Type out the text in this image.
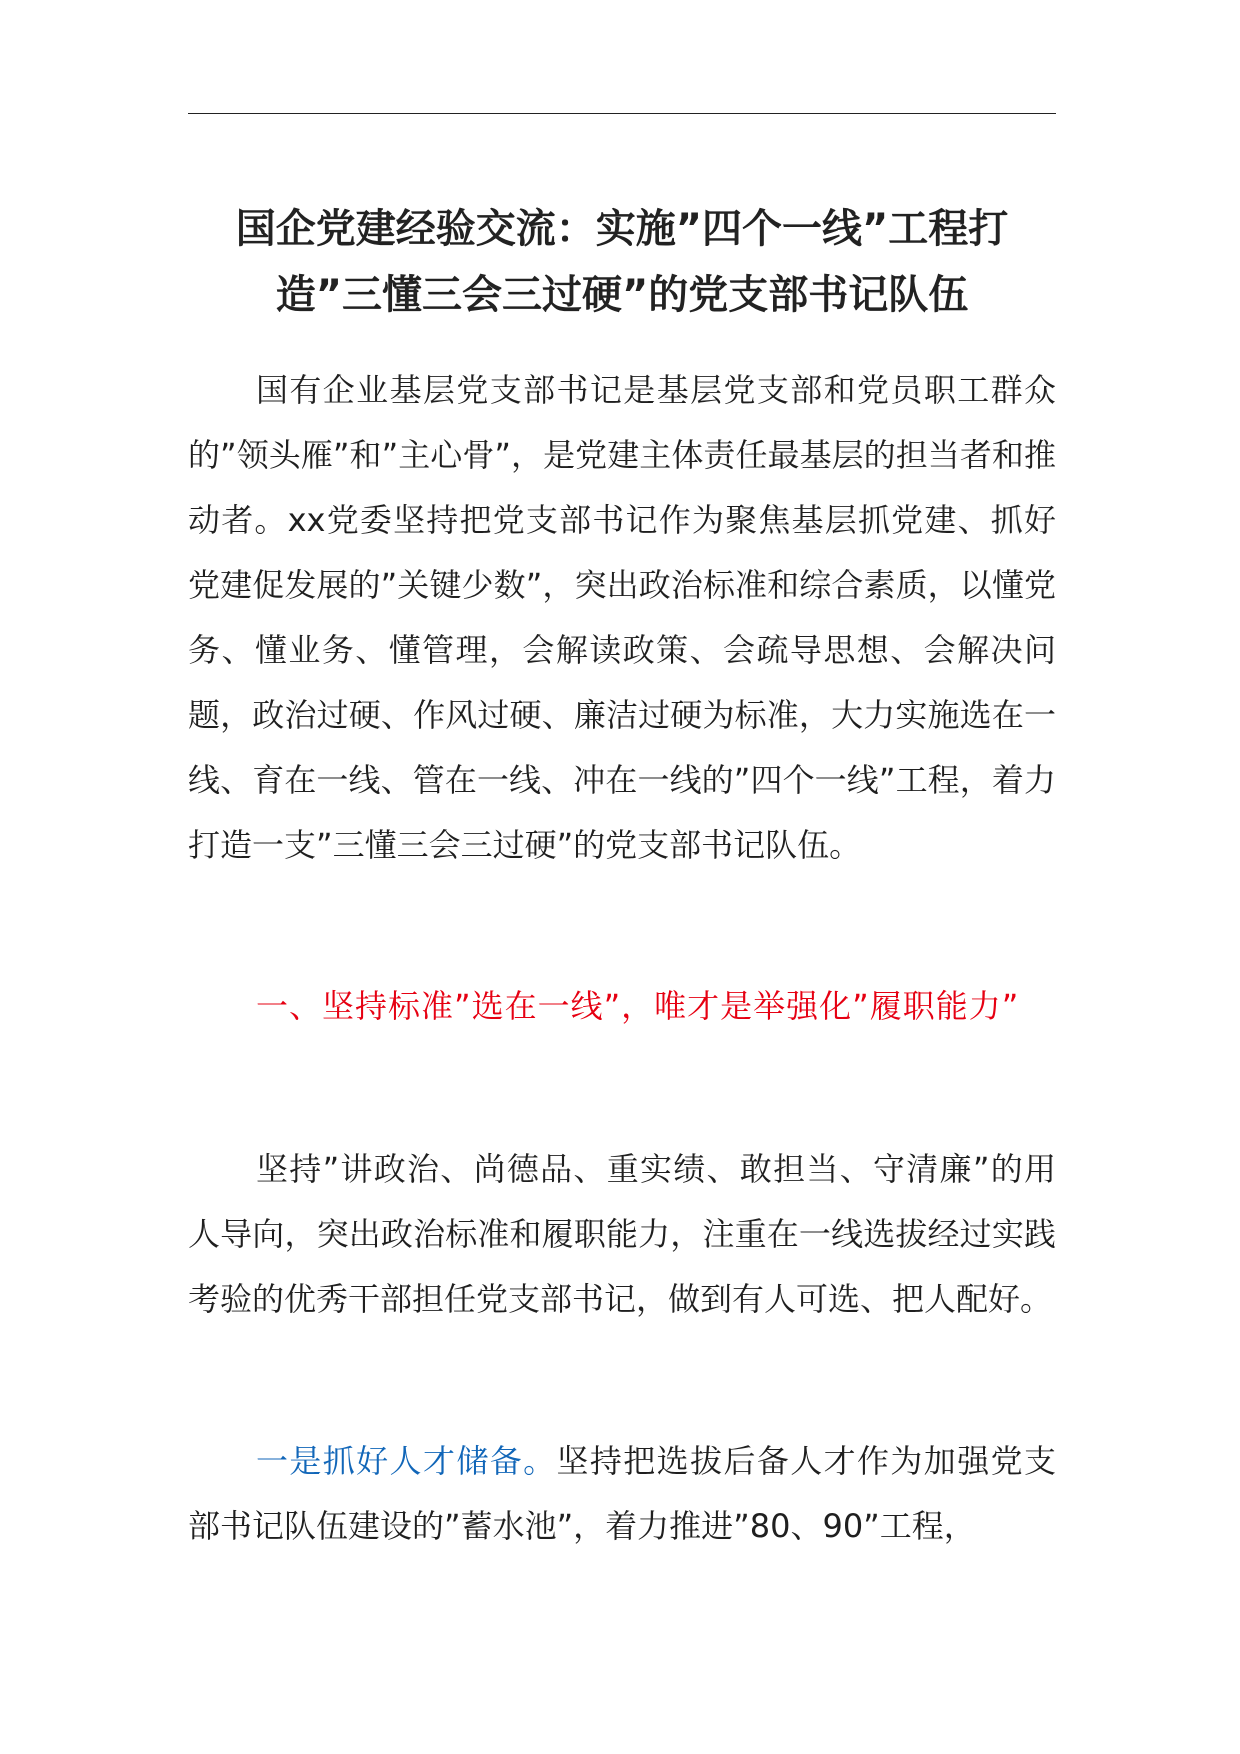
国企党建经验交流：实施”四个一线”工程打造”三懂三会三过硬”的党支部书记队伍

国有企业基层党支部书记是基层党支部和党员职工群众的”领头雁”和”主心骨”，是党建主体责任最基层的担当者和推动者。xx党委坚持把党支部书记作为聚焦基层抓党建、抓好党建促发展的”关键少数”，突出政治标准和综合素质，以懂党务、懂业务、懂管理，会解读政策、会疏导思想、会解决问题，政治过硬、作风过硬、廉洁过硬为标准，大力实施选在一线、育在一线、管在一线、冲在一线的”四个一线”工程，着力打造一支”三懂三会三过硬”的党支部书记队伍。

一、坚持标准”选在一线”，唯才是举强化”履职能力”

坚持”讲政治、尚德品、重实绩、敢担当、守清廉”的用人导向，突出政治标准和履职能力，注重在一线选拔经过实践考验的优秀干部担任党支部书记，做到有人可选、把人配好。

一是抓好人才储备。坚持把选拔后备人才作为加强党支部书记队伍建设的”蓄水池”，着力推进”80、90”工程，
